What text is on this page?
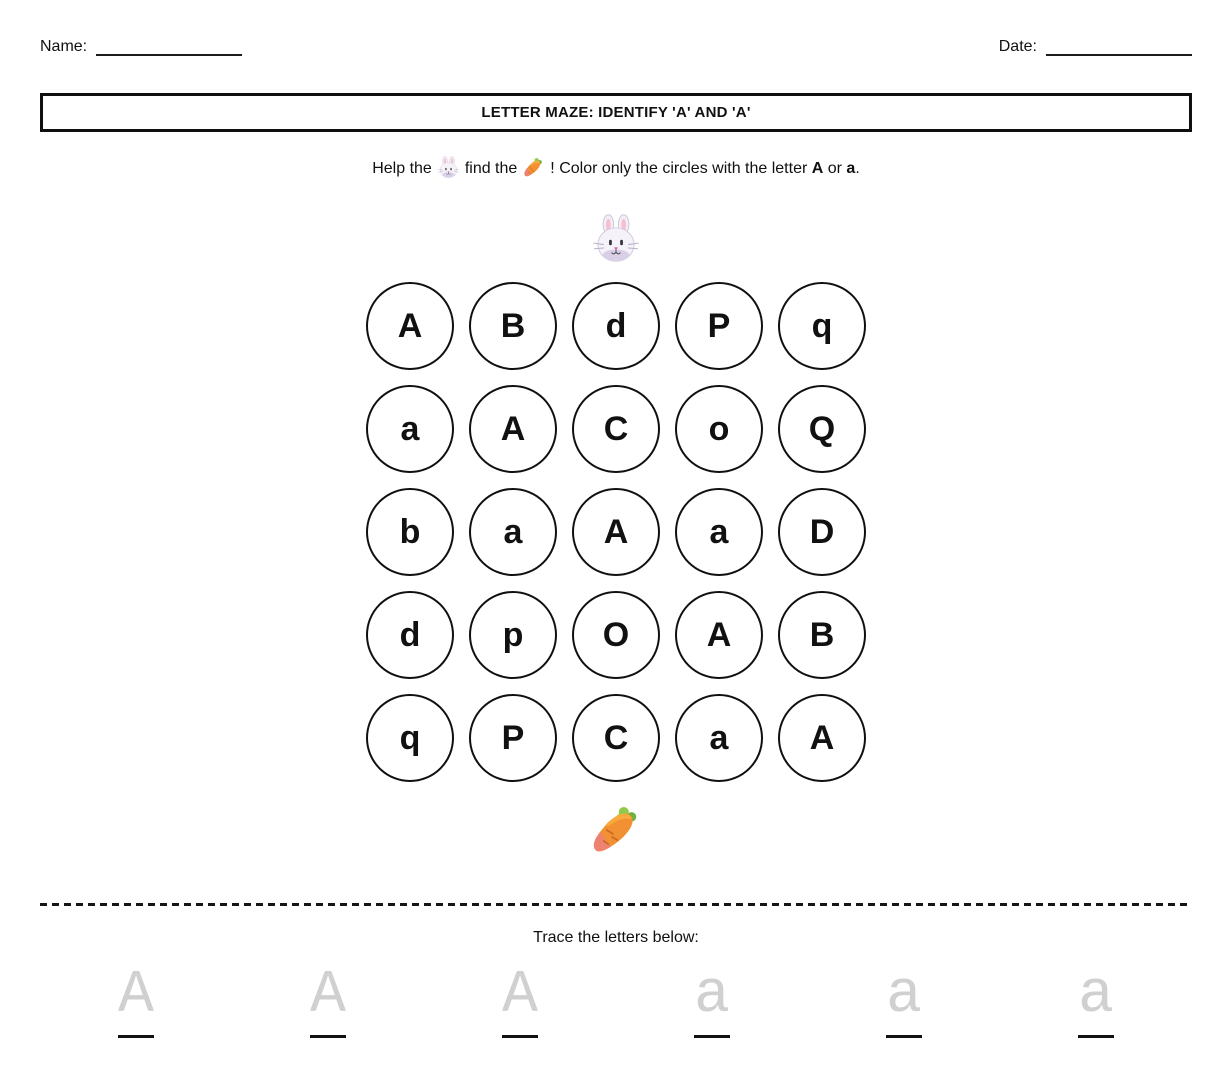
Name:	Date:
LETTER MAZE: IDENTIFY 'A' AND 'A'
Help the find the ! Color only the circles with the letter A or a.
A B d P q
a A C o Q
b a A a D
d p O A B
q P C a A
Trace the letters below:
A	A	A	a	a	a
